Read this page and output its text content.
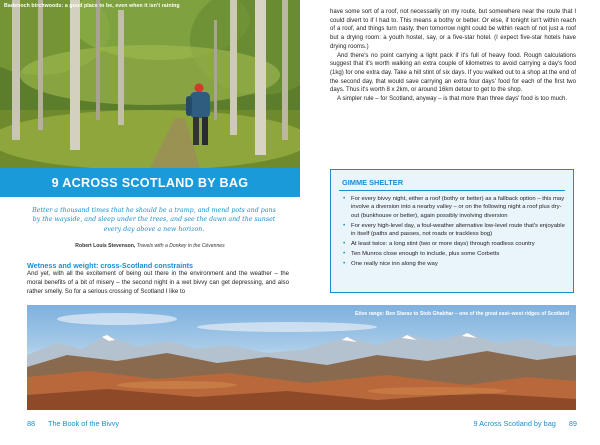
Badenoch birchwoods: a good place to be, even when it isn't raining
9 ACROSS SCOTLAND BY BAG
Better a thousand times that he should be a tramp, and mend pots and pans by the wayside, and sleep under the trees, and see the dawn and the sunset every day above a new horizon.
Robert Louis Stevenson, Travels with a Donkey in the Cévennes
Wetness and weight: cross-Scotland constraints
And yet, with all the excitement of being out there in the environment and the weather – the moral benefits of a bit of misery – the second night in a wet bivvy can get depressing, and also rather smelly. So for a serious crossing of Scotland I like to

have some sort of a roof, not necessarily on my route, but somewhere near the route that I could divert to if I had to. This means a bothy or better. Or else, if tonight isn't within reach of a roof, and things turn nasty, then tomorrow night could be within reach of not just a roof but a drying room: a youth hostel, say, or a five-star hotel. (I expect five-star hotels have drying rooms.)

And there's no point carrying a light pack if it's full of heavy food. Rough calculations suggest that it's worth walking an extra couple of kilometres to avoid carrying a day's food (1kg) for one extra day. Take a hill stint of six days. If you walked out to a shop at the end of the second day, that would save carrying an extra four days' food for each of the first two days. Thus it's worth 8 x 2km, or around 16km detour to get to the shop.

A simpler rule – for Scotland, anyway – is that more than three days' food is too much.

GIMME SHELTER
• For every bivvy night, either a roof (bothy or better) as a fallback option – this may involve a diversion into a nearby valley – or on the following night a roof plus dry-out (bunkhouse or better), again possibly involving diversion
• For every high-level day, a foul-weather alternative low-level route that's enjoyable in itself (paths and passes, not roads or trackless bog)
• At least twice: a long stint (two or more days) through roadless country
• Ten Munros close enough to include, plus some Corbetts
• One really nice inn along the way
Etive range: Ben Starav to Stob Ghabhar – one of the great east–west ridges of Scotland
88 The Book of the Bivvy	9 Across Scotland by bag 89
